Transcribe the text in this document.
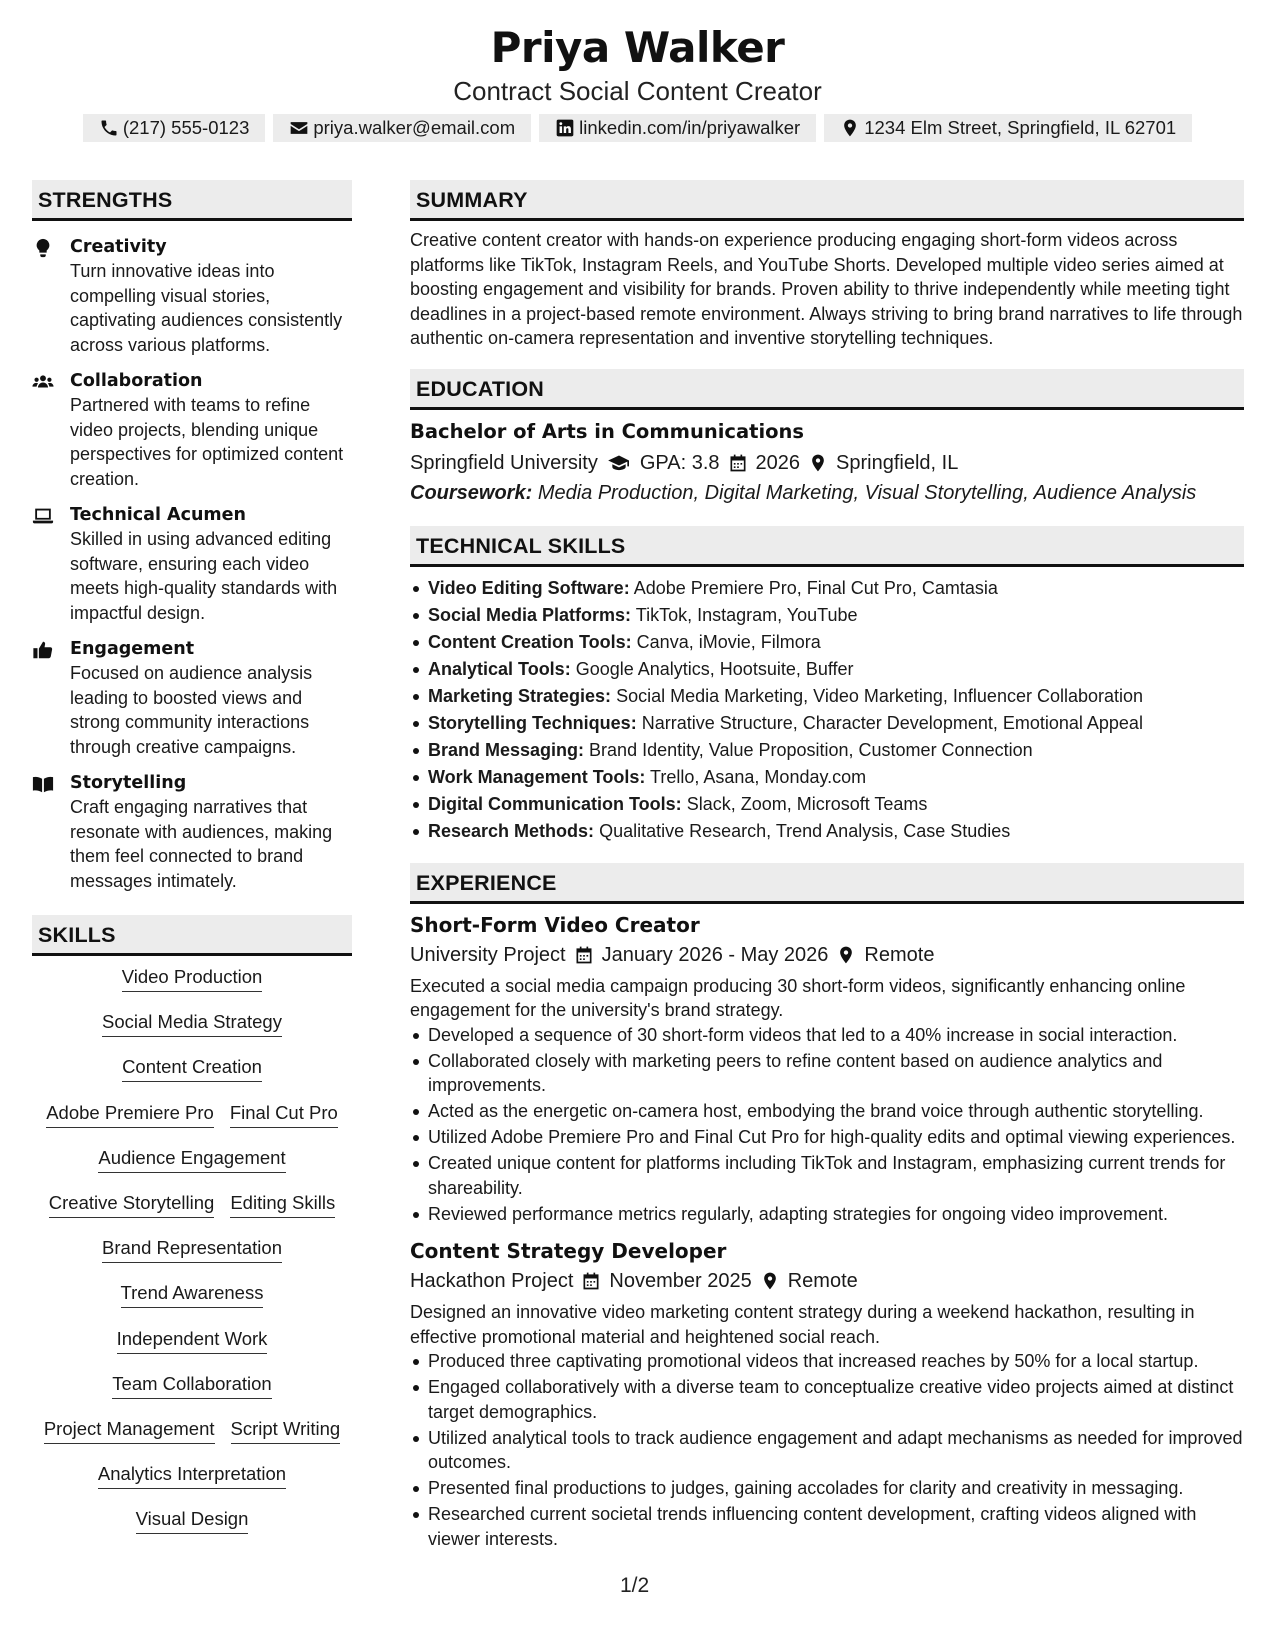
Priya Walker
Contract Social Content Creator
(217) 555-0123	priya.walker@email.com	linkedin.com/in/priyawalker	1234 Elm Street, Springfield, IL 62701
STRENGTHS
Creativity
Turn innovative ideas into compelling visual stories, captivating audiences consistently across various platforms.
Collaboration
Partnered with teams to refine video projects, blending unique perspectives for optimized content creation.
Technical Acumen
Skilled in using advanced editing software, ensuring each video meets high-quality standards with impactful design.
Engagement
Focused on audience analysis leading to boosted views and strong community interactions through creative campaigns.
Storytelling
Craft engaging narratives that resonate with audiences, making them feel connected to brand messages intimately.
SKILLS
Video Production
Social Media Strategy
Content Creation
Adobe Premiere Pro Final Cut Pro
Audience Engagement
Creative Storytelling Editing Skills
Brand Representation
Trend Awareness
Independent Work
Team Collaboration
Project Management Script Writing
Analytics Interpretation
Visual Design
SUMMARY
Creative content creator with hands-on experience producing engaging short-form videos across platforms like TikTok, Instagram Reels, and YouTube Shorts. Developed multiple video series aimed at boosting engagement and visibility for brands. Proven ability to thrive independently while meeting tight deadlines in a project-based remote environment. Always striving to bring brand narratives to life through authentic on-camera representation and inventive storytelling techniques.
EDUCATION
Bachelor of Arts in Communications
Springfield University GPA: 3.8 2026 Springfield, IL
Coursework: Media Production, Digital Marketing, Visual Storytelling, Audience Analysis
TECHNICAL SKILLS
Video Editing Software: Adobe Premiere Pro, Final Cut Pro, Camtasia
Social Media Platforms: TikTok, Instagram, YouTube
Content Creation Tools: Canva, iMovie, Filmora
Analytical Tools: Google Analytics, Hootsuite, Buffer
Marketing Strategies: Social Media Marketing, Video Marketing, Influencer Collaboration
Storytelling Techniques: Narrative Structure, Character Development, Emotional Appeal
Brand Messaging: Brand Identity, Value Proposition, Customer Connection
Work Management Tools: Trello, Asana, Monday.com
Digital Communication Tools: Slack, Zoom, Microsoft Teams
Research Methods: Qualitative Research, Trend Analysis, Case Studies
EXPERIENCE
Short-Form Video Creator
University Project January 2026 - May 2026 Remote
Executed a social media campaign producing 30 short-form videos, significantly enhancing online engagement for the university's brand strategy.
Developed a sequence of 30 short-form videos that led to a 40% increase in social interaction.
Collaborated closely with marketing peers to refine content based on audience analytics and improvements.
Acted as the energetic on-camera host, embodying the brand voice through authentic storytelling.
Utilized Adobe Premiere Pro and Final Cut Pro for high-quality edits and optimal viewing experiences.
Created unique content for platforms including TikTok and Instagram, emphasizing current trends for shareability.
Reviewed performance metrics regularly, adapting strategies for ongoing video improvement.
Content Strategy Developer
Hackathon Project November 2025 Remote
Designed an innovative video marketing content strategy during a weekend hackathon, resulting in effective promotional material and heightened social reach.
Produced three captivating promotional videos that increased reaches by 50% for a local startup.
Engaged collaboratively with a diverse team to conceptualize creative video projects aimed at distinct target demographics.
Utilized analytical tools to track audience engagement and adapt mechanisms as needed for improved outcomes.
Presented final productions to judges, gaining accolades for clarity and creativity in messaging.
Researched current societal trends influencing content development, crafting videos aligned with viewer interests.
1/2
